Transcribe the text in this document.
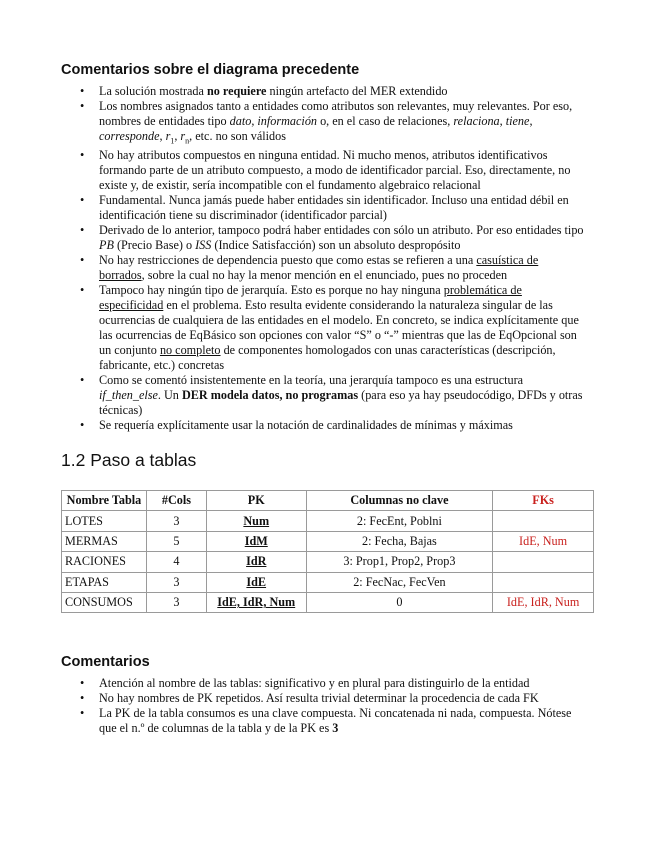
Comentarios sobre el diagrama precedente
• La solución mostrada no requiere ningún artefacto del MER extendido
• Los nombres asignados tanto a entidades como atributos son relevantes, muy relevantes. Por eso, nombres de entidades tipo dato, información o, en el caso de relaciones, relaciona, tiene, corresponde, $r_1$, $r_n$, etc. no son válidos
• No hay atributos compuestos en ninguna entidad. Ni mucho menos, atributos identificativos formando parte de un atributo compuesto, a modo de identificador parcial. Eso, directamente, no existe y, de existir, sería incompatible con el fundamento algebraico relacional
• Fundamental. Nunca jamás puede haber entidades sin identificador. Incluso una entidad débil en identificación tiene su discriminador (identificador parcial)
• Derivado de lo anterior, tampoco podrá haber entidades con sólo un atributo. Por eso entidades tipo PB (Precio Base) o ISS (Indice Satisfacción) son un absoluto despropósito
• No hay restricciones de dependencia puesto que como estas se refieren a una casuística de borrados, sobre la cual no hay la menor mención en el enunciado, pues no proceden
• Tampoco hay ningún tipo de jerarquía. Esto es porque no hay ninguna problemática de especificidad en el problema. Esto resulta evidente considerando la naturaleza singular de las ocurrencias de cualquiera de las entidades en el modelo. En concreto, se indica explícitamente que las ocurrencias de EqBásico son opciones con valor “S” o “-” mientras que las de EqOpcional son un conjunto no completo de componentes homologados con unas características (descripción, fabricante, etc.) concretas
• Como se comentó insistentemente en la teoría, una jerarquía tampoco es una estructura if_then_else. Un DER modela datos, no programas (para eso ya hay pseudocódigo, DFDs y otras técnicas)
• Se requería explícitamente usar la notación de cardinalidades de mínimas y máximas
1.2 Paso a tablas
Nombre Tabla	#Cols	PK	Columnas no clave	FKs
LOTES	3	Num	2: FecEnt, Poblni	
MERMAS	5	IdM	2: Fecha, Bajas	IdE, Num
RACIONES	4	IdR	3: Prop1, Prop2, Prop3	
ETAPAS	3	IdE	2: FecNac, FecVen	
CONSUMOS	3	IdE, IdR, Num	0	IdE, IdR, Num
Comentarios
• Atención al nombre de las tablas: significativo y en plural para distinguirlo de la entidad
• No hay nombres de PK repetidos. Así resulta trivial determinar la procedencia de cada FK
• La PK de la tabla consumos es una clave compuesta. Ni concatenada ni nada, compuesta. Nótese que el n.º de columnas de la tabla y de la PK es 3
